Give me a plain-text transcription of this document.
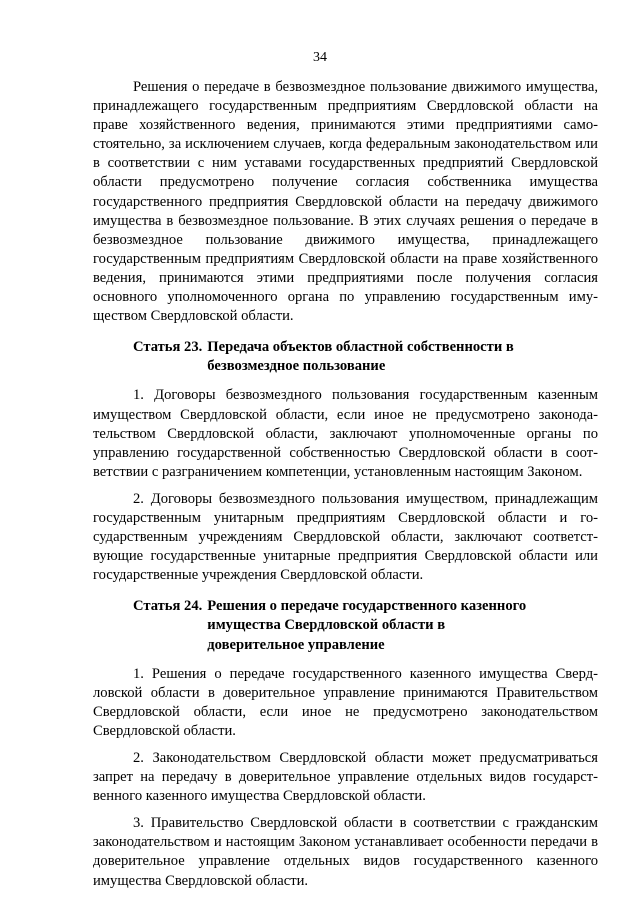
34

Решения о передаче в безвозмездное пользование движимого имущества, принадлежащего государственным предприятиям Свердловской области на праве хозяйственного ведения, принимаются этими предприятиями самостоятельно, за исключением случаев, когда федеральным законодательством или в соответствии с ним уставами государственных предприятий Свердловской области предусмотрено получение согласия собственника имущества государственного предприятия Свердловской области на передачу движимого имущества в безвозмездное пользование. В этих случаях решения о передаче в безвозмездное пользование движимого имущества, принадлежащего государственным предприятиям Свердловской области на праве хозяйственного ведения, принимаются этими предприятиями после получения согласия основного уполномоченного органа по управлению государственным имуществом Свердловской области.

Статья 23. Передача объектов областной собственности в безвозмездное пользование

1. Договоры безвозмездного пользования государственным казенным имуществом Свердловской области, если иное не предусмотрено законодательством Свердловской области, заключают уполномоченные органы по управлению государственной собственностью Свердловской области в соответствии с разграничением компетенции, установленным настоящим Законом.

2. Договоры безвозмездного пользования имуществом, принадлежащим государственным унитарным предприятиям Свердловской области и государственным учреждениям Свердловской области, заключают соответствующие государственные унитарные предприятия Свердловской области или государственные учреждения Свердловской области.

Статья 24. Решения о передаче государственного казенного имущества Свердловской области в доверительное управление

1. Решения о передаче государственного казенного имущества Свердловской области в доверительное управление принимаются Правительством Свердловской области, если иное не предусмотрено законодательством Свердловской области.

2. Законодательством Свердловской области может предусматриваться запрет на передачу в доверительное управление отдельных видов государственного казенного имущества Свердловской области.

3. Правительство Свердловской области в соответствии с гражданским законодательством и настоящим Законом устанавливает особенности передачи в доверительное управление отдельных видов государственного казенного имущества Свердловской области.
